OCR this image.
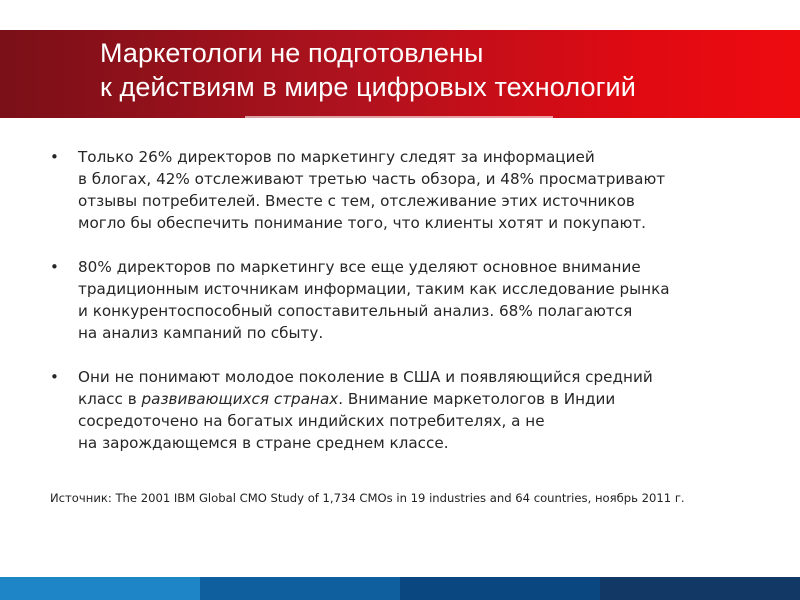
Маркетологи не подготовлены
к действиям в мире цифровых технологий
• Только 26% директоров по маркетингу следят за информацией
в блогах, 42% отслеживают третью часть обзора, и 48% просматривают
отзывы потребителей. Вместе с тем, отслеживание этих источников
могло бы обеспечить понимание того, что клиенты хотят и покупают.
• 80% директоров по маркетингу все еще уделяют основное внимание
традиционным источникам информации, таким как исследование рынка
и конкурентоспособный сопоставительный анализ. 68% полагаются
на анализ кампаний по сбыту.
• Они не понимают молодое поколение в США и появляющийся средний
класс в развивающихся странах. Внимание маркетологов в Индии
сосредоточено на богатых индийских потребителях, а не
на зарождающемся в стране среднем классе.
Источник: The 2001 IBM Global CMO Study of 1,734 CMOs in 19 industries and 64 countries, ноябрь 2011 г.
